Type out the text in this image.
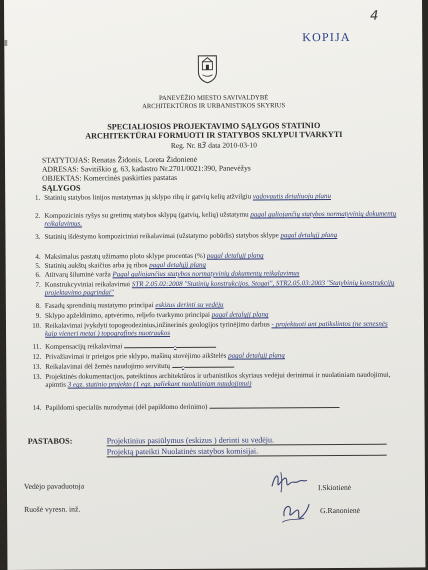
4
KOPIJA
PANEVĖŽIO MIESTO SAVIVALDYBĖ
ARCHITEKTŪROS IR URBANISTIKOS SKYRIUS
SPECIALIOSIOS PROJEKTAVIMO SĄLYGOS STATINIO
ARCHITEKTŪRAI FORMUOTI IR STATYBOS SKLYPUI TVARKYTI
Reg. Nr. 83 data 2010-03-10
STATYTOJAS: Renatas Židonis, Loreta Židonienė
ADRESAS: Savitiškio g. 63, kadastro Nr.2701/0021:390, Panevėžys
OBJEKTAS: Komercinės paskirties pastatas
SĄLYGOS
1. Statinių statybos linijos nustatymas jų sklypo ribų ir gatvių kelių atžvilgiu vadovautis detaliuoju planu
2. Kompozicinis ryšys su gretimų statybos sklypų (gatvių, kelių) užstatymu pagal galiojančių statybos normatyvinių dokumentų reikalavimus.
3. Statinių išdėstymo kompoziciniai reikalavimai (užstatymo pobūdis) statybos sklype pagal detalųjį planą
4. Maksimalus pastatų užimamo ploto sklype procentas (%) pagal detalųjį planą
5. Statinių aukštų skaičius arba jų ribos pagal detalųjį planą
6. Atitvarų šiluminė varža Pagal galiojančius statybos normatyvinių dokumentų reikalavimus
7. Konstrukcyviniai reikalavimai STR 2.05.02:2008 "Statinių konstrukcijos. Stogai", STR2.05.03:2003 "Statybinių konstrukcijų projektavimo pagrindai"
8. Fasadų sprendinių nustatymo principai eskizus derinti su vedėju
9. Sklypo apželdinimo, aptvėrimo, reljefo tvarkymo principai pagal detalųjį planą
10. Reikalavimai įvykdyti topogeodezinius,inžinerinės geologijos tyrinėjimo darbus - projektuoti ant patikslintos (ne senesnės kaip vieneri metai ) topografinės nuotraukos
11. Kompensacijų reikalavimai	-
12. Privažiavimai ir prieigos prie sklypo, mašinų stovėjimo aikštelės pagal detalųjį planą
13. Reikalavimai dėl žemės naudojimo servitutų -
13. Projektinės dokumentacijos, pateiktinos architektūros ir urbanistikos skyriaus vedėjui derinimui ir nuolatiniam naudojimui, apimtis 3 egz. statinio projekto (1 egz. paliekant nuolatiniam naudojimui)
14. Papildomi specialūs nurodymai (dėl papildomo derinimo)
PASTABOS:	Projektinius pasiūlymus (eskizus ) derinti su vedėju.
Projektą pateikti Nuolatinės statybos komisijai.
Vedėjo pavaduotoja	I.Skiotienė
Ruošė vyresn. inž.	G.Ranonienė
